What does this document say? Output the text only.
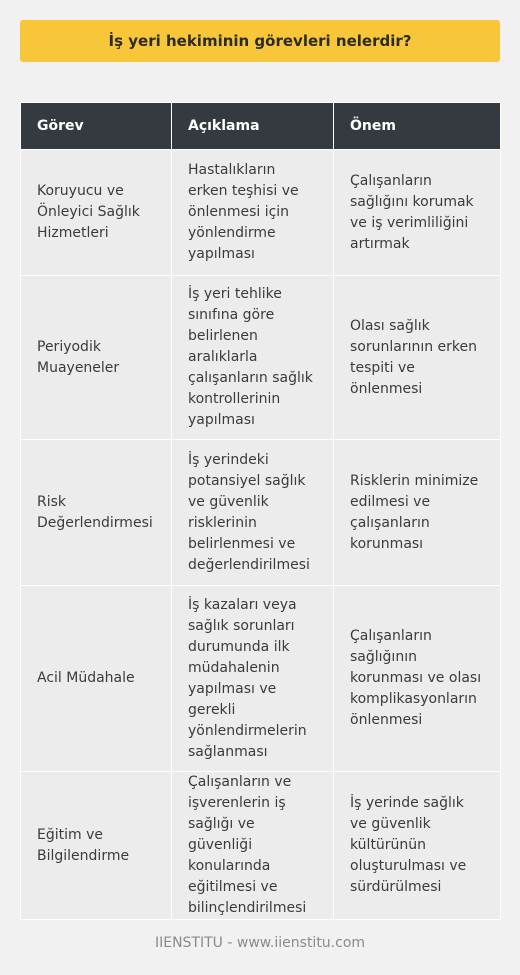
İş yeri hekiminin görevleri nelerdir?
Görev	Açıklama	Önem
Koruyucu ve Önleyici Sağlık Hizmetleri	Hastalıkların erken teşhisi ve önlenmesi için yönlendirme yapılması	Çalışanların sağlığını korumak ve iş verimliliğini artırmak
Periyodik Muayeneler	İş yeri tehlike sınıfına göre belirlenen aralıklarla çalışanların sağlık kontrollerinin yapılması	Olası sağlık sorunlarının erken tespiti ve önlenmesi
Risk Değerlendirmesi	İş yerindeki potansiyel sağlık ve güvenlik risklerinin belirlenmesi ve değerlendirilmesi	Risklerin minimize edilmesi ve çalışanların korunması
Acil Müdahale	İş kazaları veya sağlık sorunları durumunda ilk müdahalenin yapılması ve gerekli yönlendirmelerin sağlanması	Çalışanların sağlığının korunması ve olası komplikasyonların önlenmesi
Eğitim ve Bilgilendirme	Çalışanların ve işverenlerin iş sağlığı ve güvenliği konularında eğitilmesi ve bilinçlendirilmesi	İş yerinde sağlık ve güvenlik kültürünün oluşturulması ve sürdürülmesi
IIENSTITU - www.iienstitu.com
